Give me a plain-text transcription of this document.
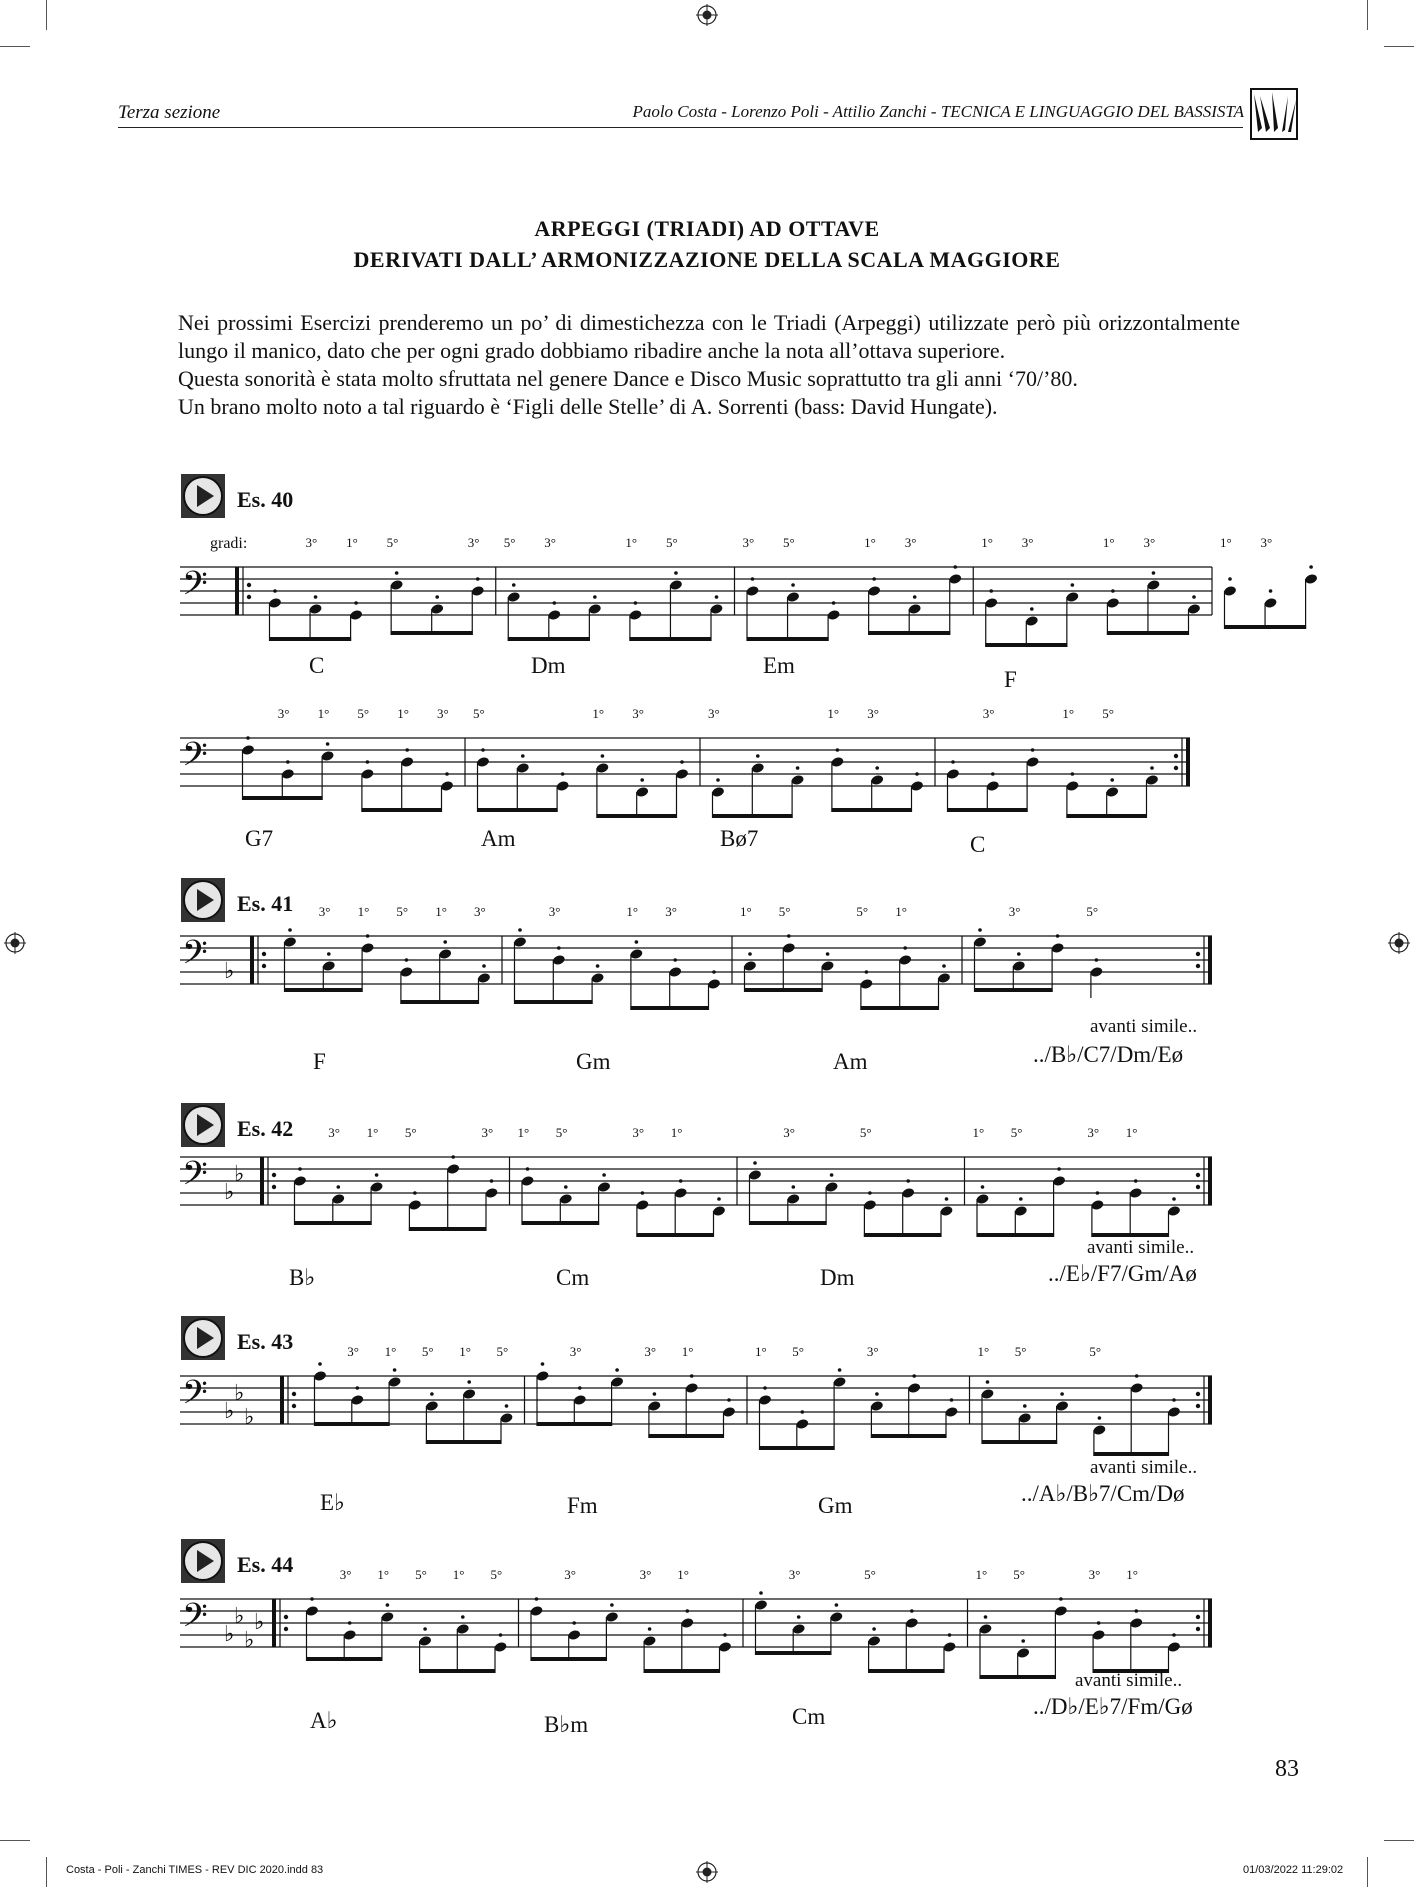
Terza sezione	Paolo Costa - Lorenzo Poli - Attilio Zanchi - TECNICA E LINGUAGGIO DEL BASSISTA
ARPEGGI (TRIADI) AD OTTAVE
DERIVATI DALL’ ARMONIZZAZIONE DELLA SCALA MAGGIORE

Nei prossimi Esercizi prenderemo un po’ di dimestichezza con le Triadi (Arpeggi) utilizzate però più orizzontalmente lungo il manico, dato che per ogni grado dobbiamo ribadire anche la nota all’ottava superiore.

Questa sonorità è stata molto sfruttata nel genere Dance e Disco Music soprattutto tra gli anni ‘70/’80.

Un brano molto noto a tal riguardo è ‘Figli delle Stelle’ di A. Sorrenti (bass: David Hungate).

Es. 40
gradi:
𝄢
3° 1° 5°	3° 5° 3°	1° 5°	3° 5°	1° 3°	1° 3°	1° 3°	1° 3°
𝄢
3° 1° 5° 1° 3° 5°	1° 3°	3°	1° 3°	3°	1° 5°
C	Dm	Em
F
G7	Am	Bø7	C
Es. 41
𝄢 ♭
3° 1° 5° 1° 3°	3°	1° 3°	1° 5°	5° 1°	3°	5°
avanti simile..
F	Gm	Am	../B♭/C7/Dm/Eø
Es. 42
𝄢 ♭
♭
3° 1° 5°	3° 1° 5°	3° 1°	3°	5°	1° 5°	3° 1°
avanti simile..
B♭	Cm	Dm	../E♭/F7/Gm/Aø
Es. 43
𝄢 ♭
♭
♭
3° 1° 5° 1° 5°	3°	3° 1°	1° 5°	3°	1° 5°	5°
avanti simile..
E♭	Fm	Gm	../A♭/B♭7/Cm/Dø
Es. 44
𝄢 ♭
♭
♭
♭
3° 1° 5° 1° 5°	3°	3° 1°	3°	5°	1° 5°	3° 1°
avanti simile..
A♭	B♭m	Cm	../D♭/E♭7/Fm/Gø
83
Costa - Poli - Zanchi TIMES - REV DIC 2020.indd 83	01/03/2022 11:29:02
